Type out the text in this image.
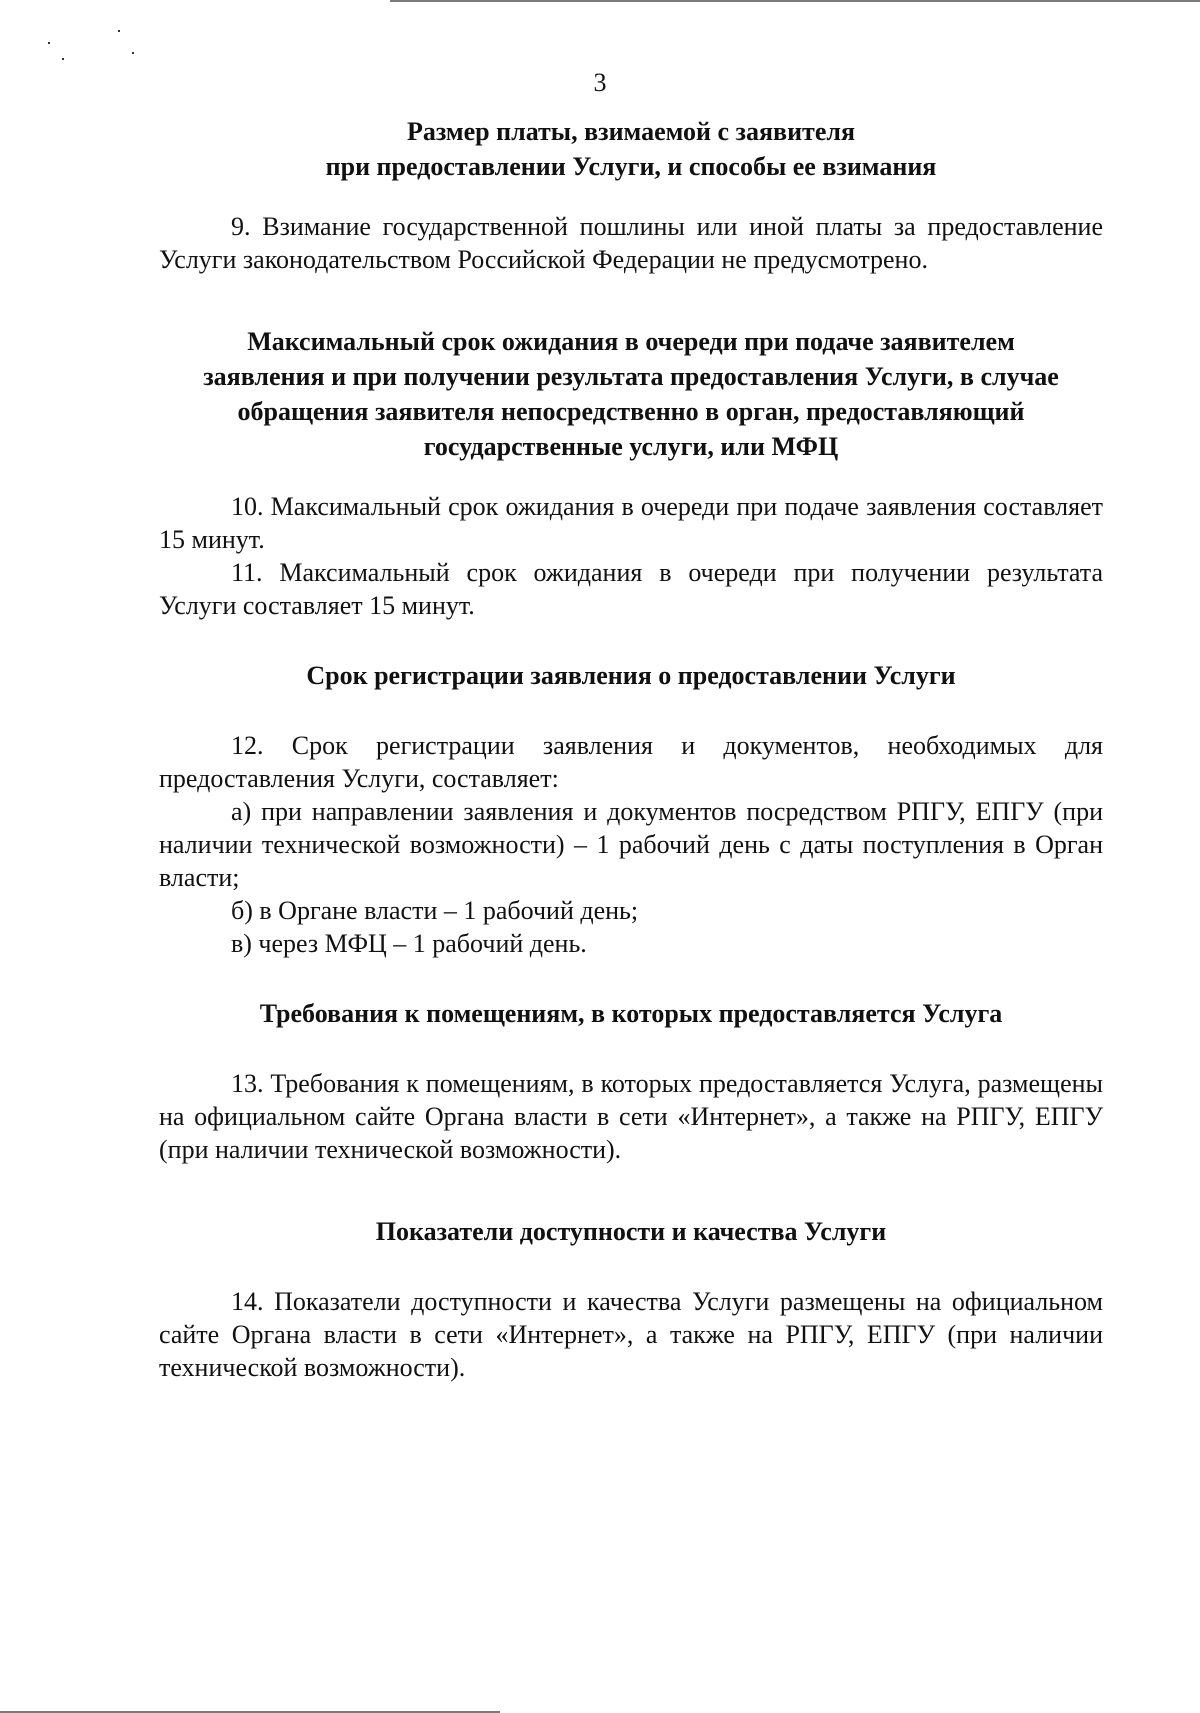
3
Размер платы, взимаемой с заявителя
при предоставлении Услуги, и способы ее взимания

9. Взимание государственной пошлины или иной платы за предоставление Услуги законодательством Российской Федерации не предусмотрено.

Максимальный срок ожидания в очереди при подаче заявителем
заявления и при получении результата предоставления Услуги, в случае
обращения заявителя непосредственно в орган, предоставляющий
государственные услуги, или МФЦ

10. Максимальный срок ожидания в очереди при подаче заявления составляет 15 минут.

11. Максимальный срок ожидания в очереди при получении результата Услуги составляет 15 минут.

Срок регистрации заявления о предоставлении Услуги

12. Срок регистрации заявления и документов, необходимых для предоставления Услуги, составляет:

а) при направлении заявления и документов посредством РПГУ, ЕПГУ (при наличии технической возможности) – 1 рабочий день с даты поступления в Орган власти;

б) в Органе власти – 1 рабочий день;

в) через МФЦ – 1 рабочий день.

Требования к помещениям, в которых предоставляется Услуга

13. Требования к помещениям, в которых предоставляется Услуга, размещены на официальном сайте Органа власти в сети «Интернет», а также на РПГУ, ЕПГУ (при наличии технической возможности).

Показатели доступности и качества Услуги

14. Показатели доступности и качества Услуги размещены на официальном сайте Органа власти в сети «Интернет», а также на РПГУ, ЕПГУ (при наличии технической возможности).
